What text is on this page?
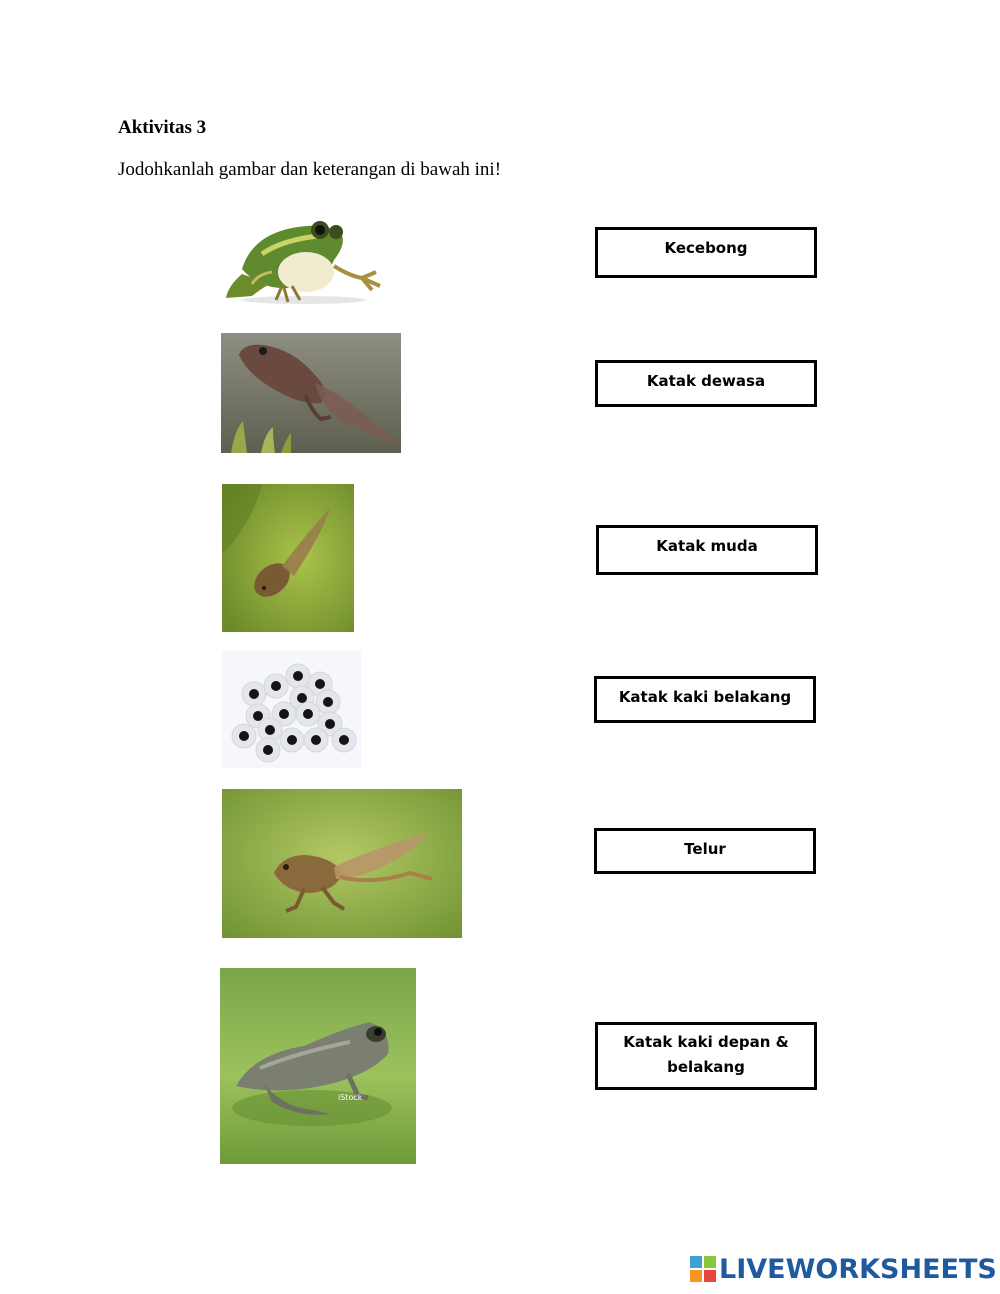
Aktivitas 3
Jodohkanlah gambar dan keterangan di bawah ini!
iStock
Kecebong
Katak dewasa
Katak muda
Katak kaki belakang
Telur
Katak kaki depan &
belakang
LIVEWORKSHEETS
